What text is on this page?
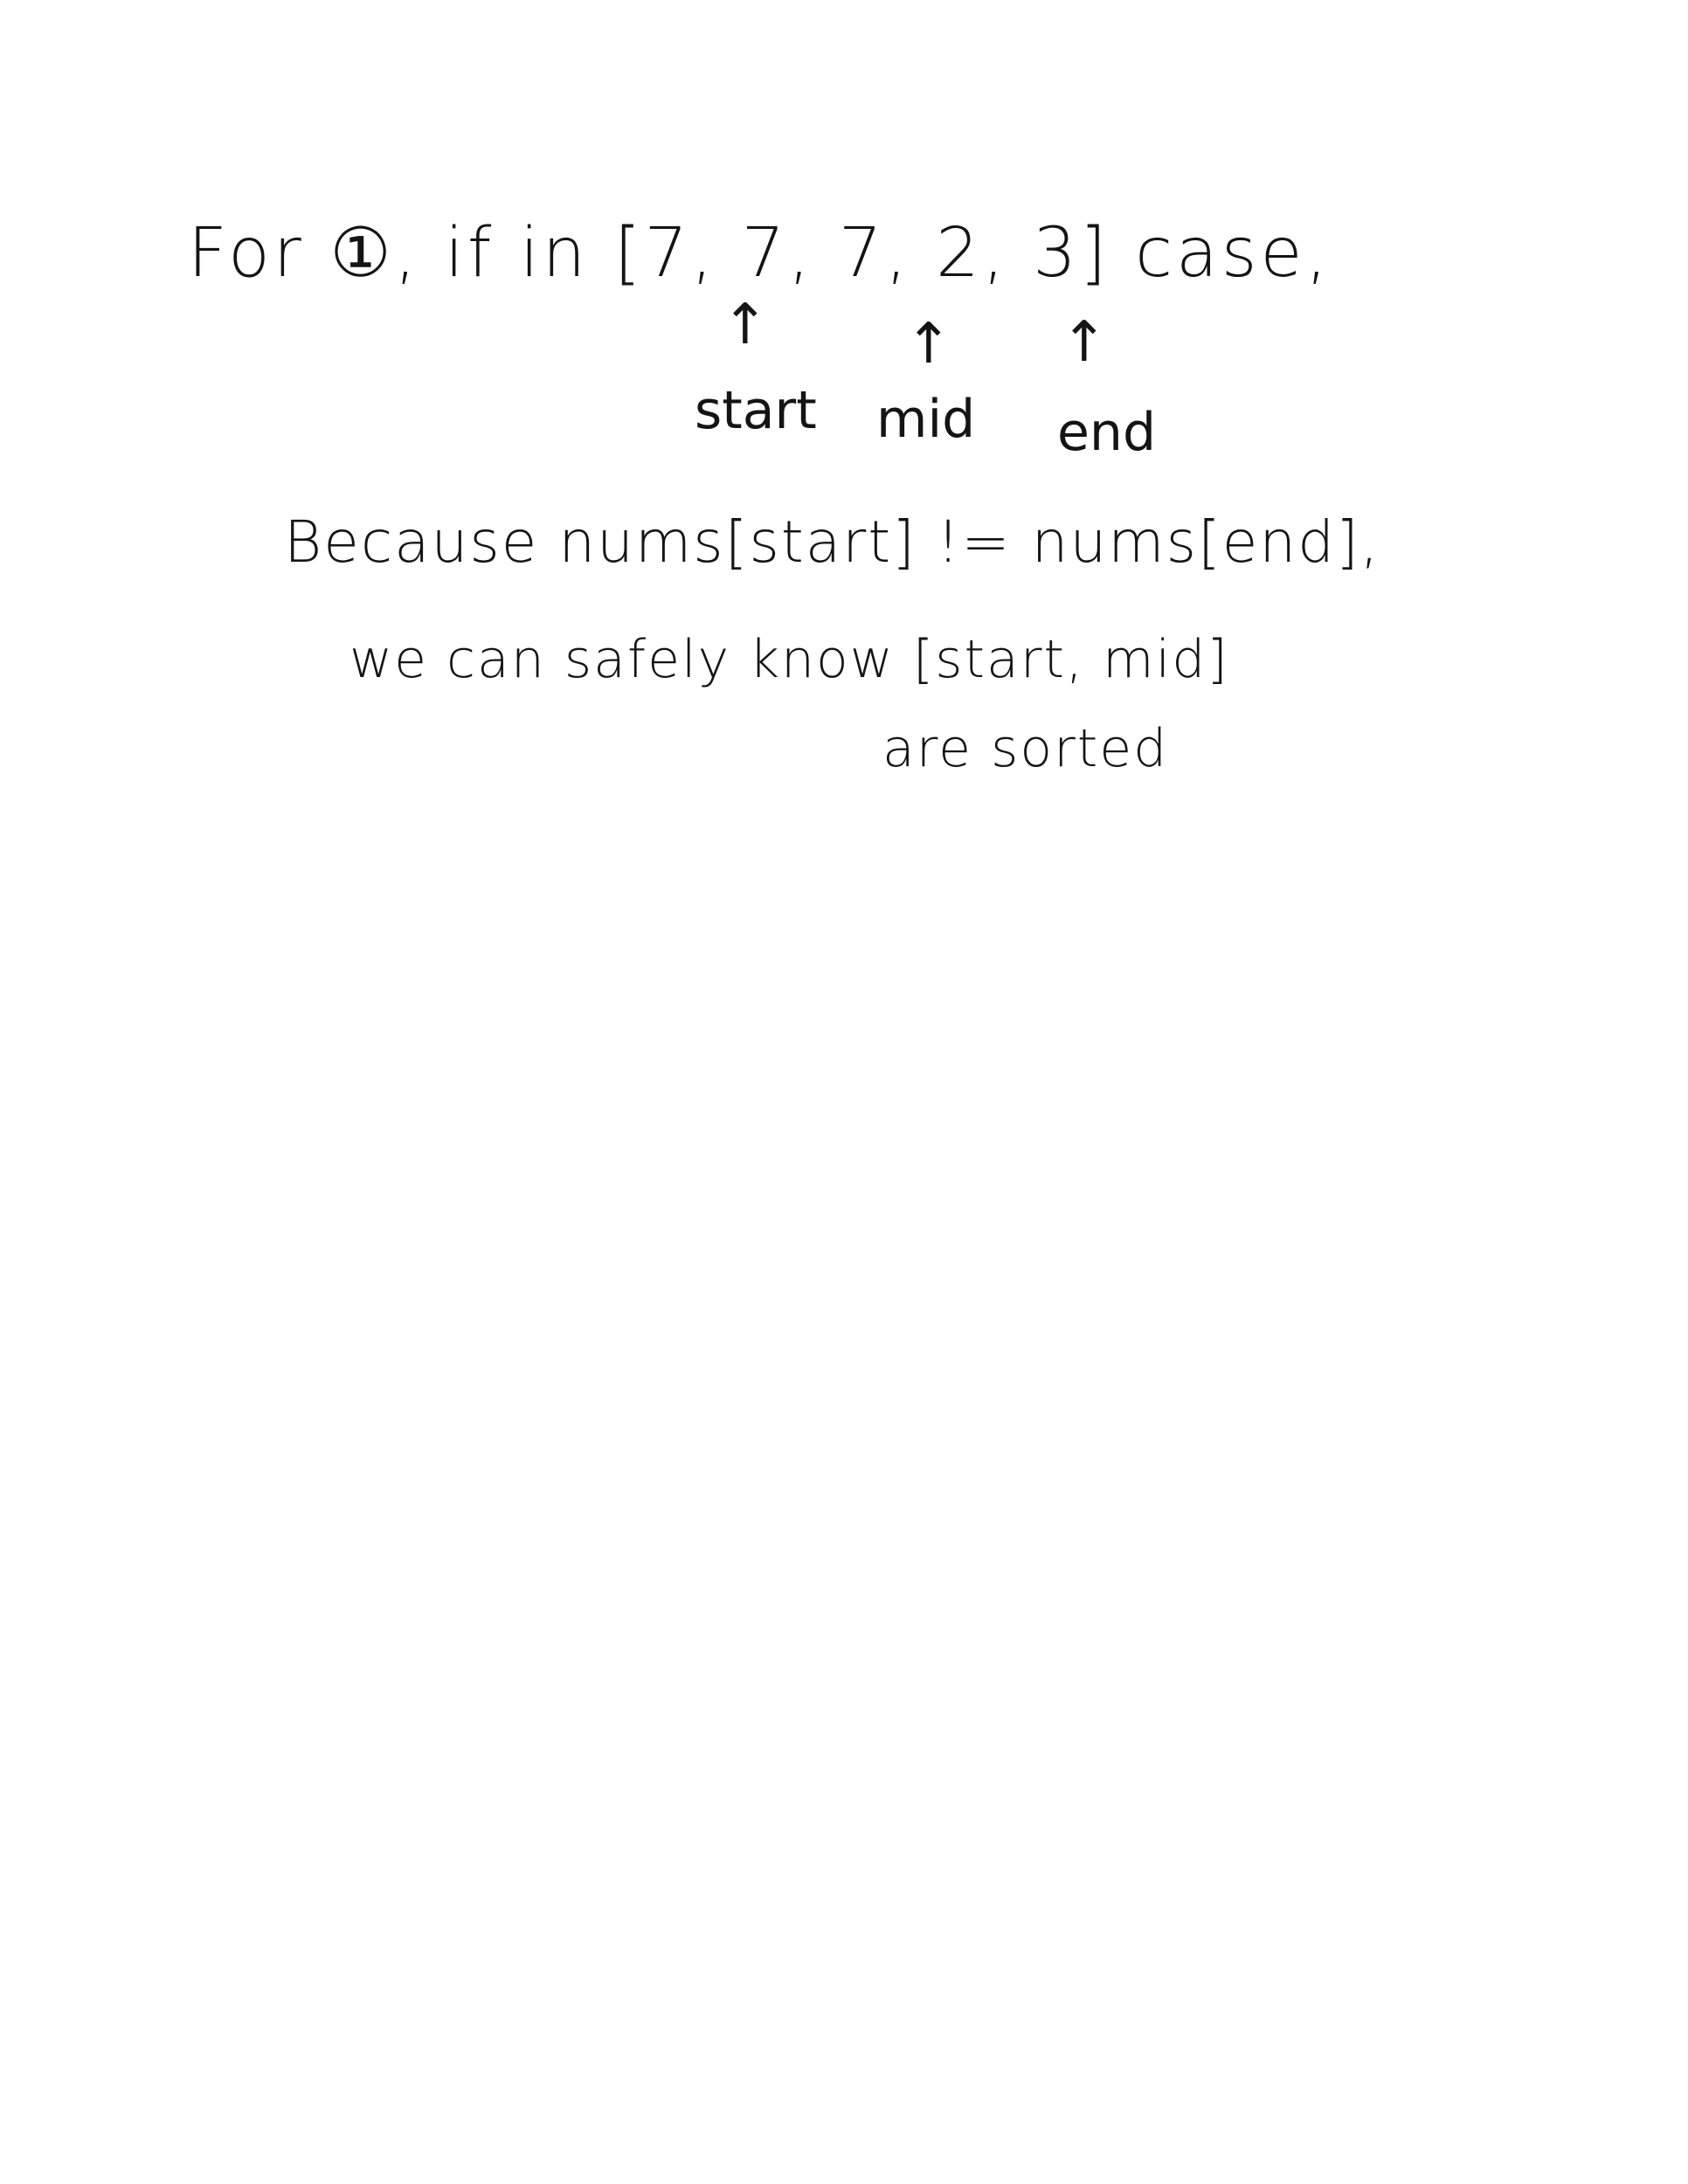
For ①, if in [7, 7, 7, 2, 3] case,
↑ ↑ ↑
start mid end
Because nums[start] != nums[end],
we can safely know [start, mid]
are sorted
